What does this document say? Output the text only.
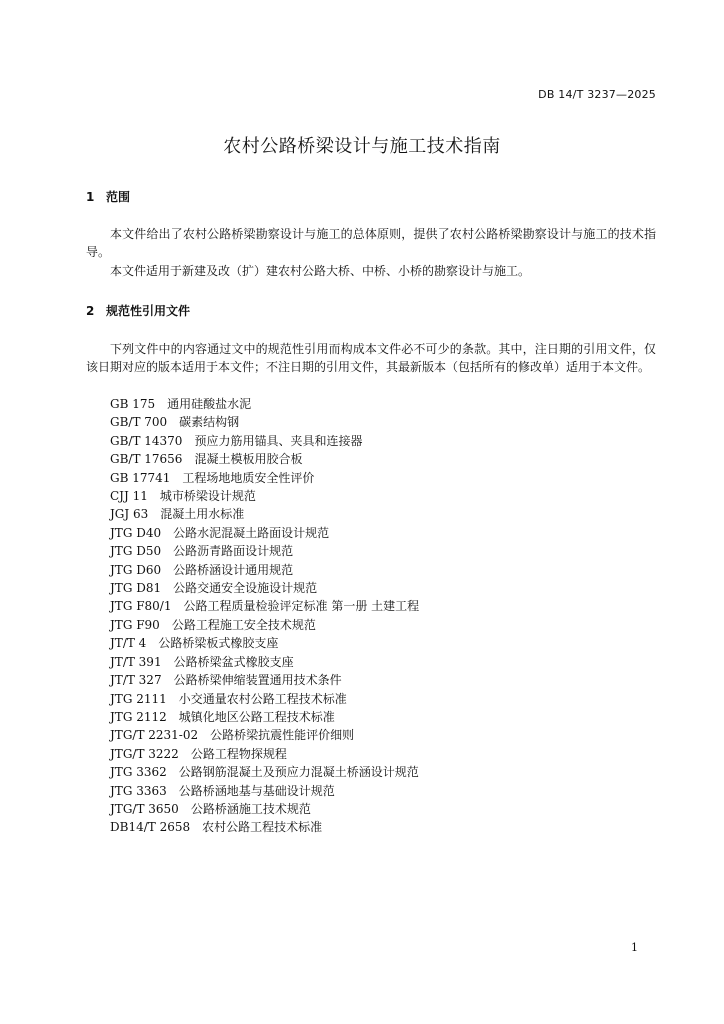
DB 14/T 3237—2025
农村公路桥梁设计与施工技术指南
1 范围

本文件给出了农村公路桥梁勘察设计与施工的总体原则，提供了农村公路桥梁勘察设计与施工的技术指导。

本文件适用于新建及改（扩）建农村公路大桥、中桥、小桥的勘察设计与施工。

2 规范性引用文件

下列文件中的内容通过文中的规范性引用而构成本文件必不可少的条款。其中，注日期的引用文件，仅该日期对应的版本适用于本文件；不注日期的引用文件，其最新版本（包括所有的修改单）适用于本文件。

GB 175 通用硅酸盐水泥
GB/T 700 碳素结构钢
GB/T 14370 预应力筋用锚具、夹具和连接器
GB/T 17656 混凝土模板用胶合板
GB 17741 工程场地地质安全性评价
CJJ 11 城市桥梁设计规范
JGJ 63 混凝土用水标准
JTG D40 公路水泥混凝土路面设计规范
JTG D50 公路沥青路面设计规范
JTG D60 公路桥涵设计通用规范
JTG D81 公路交通安全设施设计规范
JTG F80/1 公路工程质量检验评定标准 第一册 土建工程
JTG F90 公路工程施工安全技术规范
JT/T 4 公路桥梁板式橡胶支座
JT/T 391 公路桥梁盆式橡胶支座
JT/T 327 公路桥梁伸缩装置通用技术条件
JTG 2111 小交通量农村公路工程技术标准
JTG 2112 城镇化地区公路工程技术标准
JTG/T 2231-02 公路桥梁抗震性能评价细则
JTG/T 3222 公路工程物探规程
JTG 3362 公路钢筋混凝土及预应力混凝土桥涵设计规范
JTG 3363 公路桥涵地基与基础设计规范
JTG/T 3650 公路桥涵施工技术规范
DB14/T 2658 农村公路工程技术标准
1
